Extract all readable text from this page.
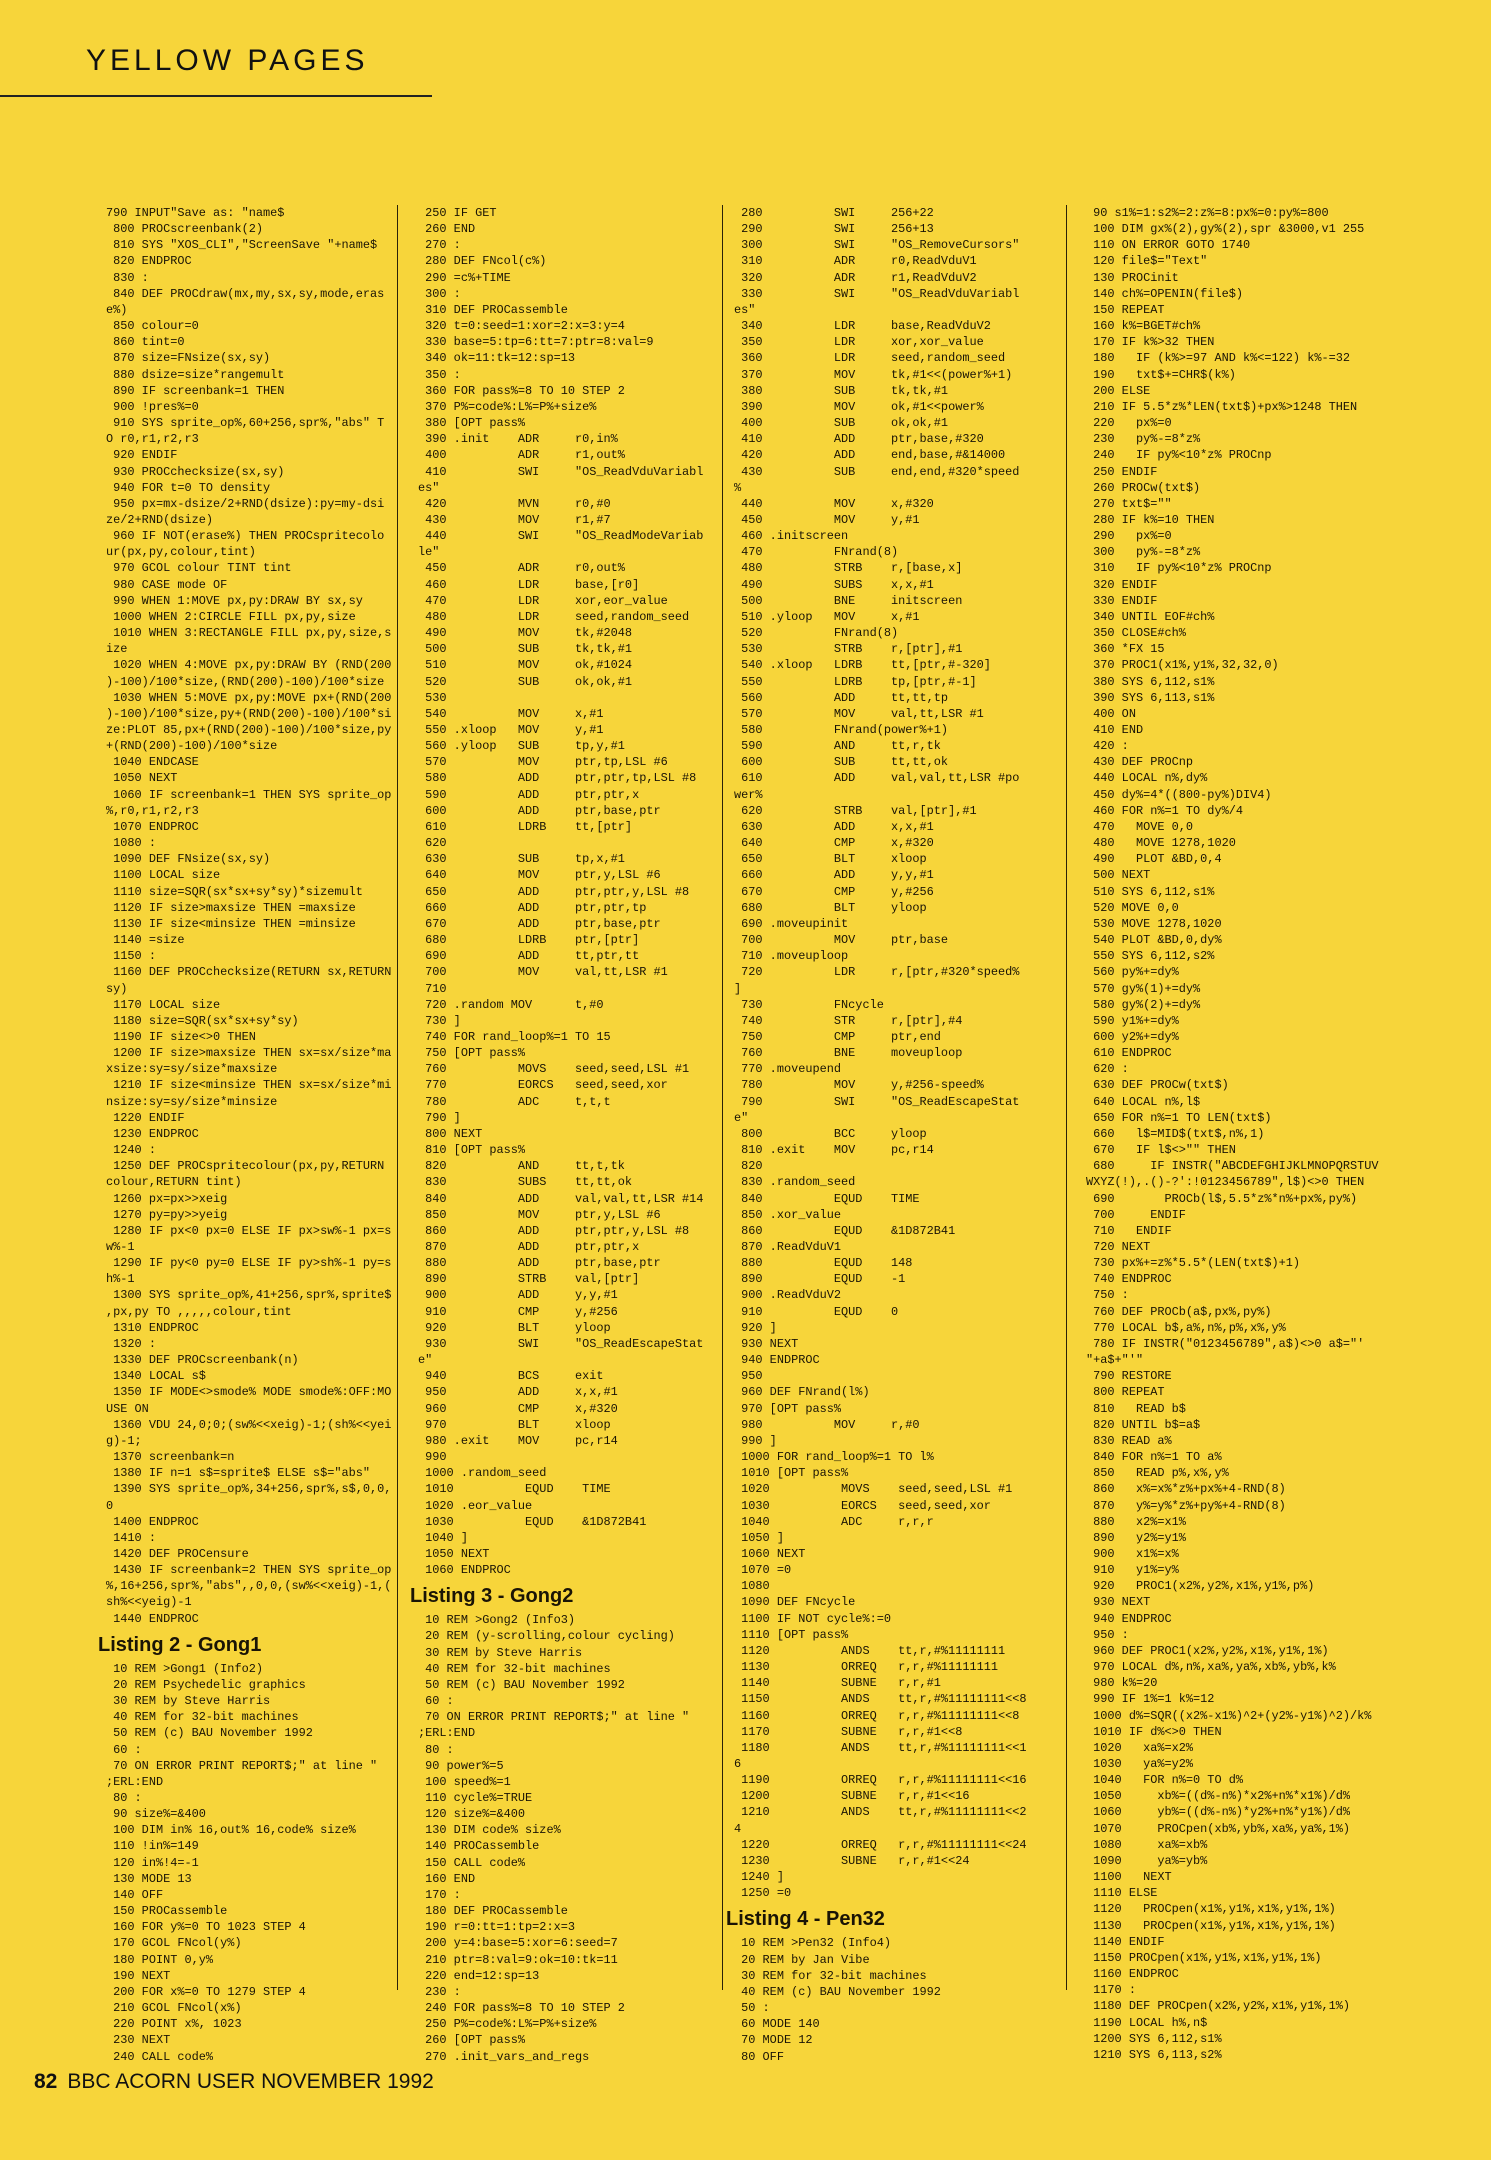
YELLOW PAGES
790 INPUT"Save as: "name$
800 PROCscreenbank(2)
810 SYS "XOS_CLI","ScreenSave "+name$
820 ENDPROC
830 :
840 DEF PROCdraw(mx,my,sx,sy,mode,eras
e%)
850 colour=0
860 tint=0
870 size=FNsize(sx,sy)
880 dsize=size*rangemult
890 IF screenbank=1 THEN
900 !pres%=0
910 SYS sprite_op%,60+256,spr%,"abs" T
O r0,r1,r2,r3
920 ENDIF
930 PROCchecksize(sx,sy)
940 FOR t=0 TO density
950 px=mx-dsize/2+RND(dsize):py=my-dsi
ze/2+RND(dsize)
960 IF NOT(erase%) THEN PROCspritecolo
ur(px,py,colour,tint)
970 GCOL colour TINT tint
980 CASE mode OF
990 WHEN 1:MOVE px,py:DRAW BY sx,sy
1000 WHEN 2:CIRCLE FILL px,py,size
1010 WHEN 3:RECTANGLE FILL px,py,size,s
ize
1020 WHEN 4:MOVE px,py:DRAW BY (RND(200
)-100)/100*size,(RND(200)-100)/100*size
1030 WHEN 5:MOVE px,py:MOVE px+(RND(200
)-100)/100*size,py+(RND(200)-100)/100*si
ze:PLOT 85,px+(RND(200)-100)/100*size,py
+(RND(200)-100)/100*size
1040 ENDCASE
1050 NEXT
1060 IF screenbank=1 THEN SYS sprite_op
%,r0,r1,r2,r3
1070 ENDPROC
1080 :
1090 DEF FNsize(sx,sy)
1100 LOCAL size
1110 size=SQR(sx*sx+sy*sy)*sizemult
1120 IF size>maxsize THEN =maxsize
1130 IF size<minsize THEN =minsize
1140 =size
1150 :
1160 DEF PROCchecksize(RETURN sx,RETURN
sy)
1170 LOCAL size
1180 size=SQR(sx*sx+sy*sy)
1190 IF size<>0 THEN
1200 IF size>maxsize THEN sx=sx/size*ma
xsize:sy=sy/size*maxsize
1210 IF size<minsize THEN sx=sx/size*mi
nsize:sy=sy/size*minsize
1220 ENDIF
1230 ENDPROC
1240 :
1250 DEF PROCspritecolour(px,py,RETURN
colour,RETURN tint)
1260 px=px>>xeig
1270 py=py>>yeig
1280 IF px<0 px=0 ELSE IF px>sw%-1 px=s
w%-1
1290 IF py<0 py=0 ELSE IF py>sh%-1 py=s
h%-1
1300 SYS sprite_op%,41+256,spr%,sprite$
,px,py TO ,,,,,colour,tint
1310 ENDPROC
1320 :
1330 DEF PROCscreenbank(n)
1340 LOCAL s$
1350 IF MODE<>smode% MODE smode%:OFF:MO
USE ON
1360 VDU 24,0;0;(sw%<<xeig)-1;(sh%<<yei
g)-1;
1370 screenbank=n
1380 IF n=1 s$=sprite$ ELSE s$="abs"
1390 SYS sprite_op%,34+256,spr%,s$,0,0,
0
1400 ENDPROC
1410 :
1420 DEF PROCensure
1430 IF screenbank=2 THEN SYS sprite_op
%,16+256,spr%,"abs",,0,0,(sw%<<xeig)-1,(
sh%<<yeig)-1
1440 ENDPROC
Listing 2 - Gong1
10 REM >Gong1 (Info2)
20 REM Psychedelic graphics
30 REM by Steve Harris
40 REM for 32-bit machines
50 REM (c) BAU November 1992
60 :
70 ON ERROR PRINT REPORT$;" at line "
;ERL:END
80 :
90 size%=&400
100 DIM in% 16,out% 16,code% size%
110 !in%=149
120 in%!4=-1
130 MODE 13
140 OFF
150 PROCassemble
160 FOR y%=0 TO 1023 STEP 4
170 GCOL FNcol(y%)
180 POINT 0,y%
190 NEXT
200 FOR x%=0 TO 1279 STEP 4
210 GCOL FNcol(x%)
220 POINT x%, 1023
230 NEXT
240 CALL code%
250 IF GET
260 END
270 :
280 DEF FNcol(c%)
290 =c%+TIME
300 :
310 DEF PROCassemble
320 t=0:seed=1:xor=2:x=3:y=4
330 base=5:tp=6:tt=7:ptr=8:val=9
340 ok=11:tk=12:sp=13
350 :
360 FOR pass%=8 TO 10 STEP 2
370 P%=code%:L%=P%+size%
380 [OPT pass%
390 .init    ADR     r0,in%
400          ADR     r1,out%
410          SWI     "OS_ReadVduVariabl
es"
420          MVN     r0,#0
430          MOV     r1,#7
440          SWI     "OS_ReadModeVariab
le"
450          ADR     r0,out%
460          LDR     base,[r0]
470          LDR     xor,eor_value
480          LDR     seed,random_seed
490          MOV     tk,#2048
500          SUB     tk,tk,#1
510          MOV     ok,#1024
520          SUB     ok,ok,#1
530
540          MOV     x,#1
550 .xloop   MOV     y,#1
560 .yloop   SUB     tp,y,#1
570          MOV     ptr,tp,LSL #6
580          ADD     ptr,ptr,tp,LSL #8
590          ADD     ptr,ptr,x
600          ADD     ptr,base,ptr
610          LDRB    tt,[ptr]
620
630          SUB     tp,x,#1
640          MOV     ptr,y,LSL #6
650          ADD     ptr,ptr,y,LSL #8
660          ADD     ptr,ptr,tp
670          ADD     ptr,base,ptr
680          LDRB    ptr,[ptr]
690          ADD     tt,ptr,tt
700          MOV     val,tt,LSR #1
710
720 .random MOV      t,#0
730 ]
740 FOR rand_loop%=1 TO 15
750 [OPT pass%
760          MOVS    seed,seed,LSL #1
770          EORCS   seed,seed,xor
780          ADC     t,t,t
790 ]
800 NEXT
810 [OPT pass%
820          AND     tt,t,tk
830          SUBS    tt,tt,ok
840          ADD     val,val,tt,LSR #14
850          MOV     ptr,y,LSL #6
860          ADD     ptr,ptr,y,LSL #8
870          ADD     ptr,ptr,x
880          ADD     ptr,base,ptr
890          STRB    val,[ptr]
900          ADD     y,y,#1
910          CMP     y,#256
920          BLT     yloop
930          SWI     "OS_ReadEscapeStat
e"
940          BCS     exit
950          ADD     x,x,#1
960          CMP     x,#320
970          BLT     xloop
980 .exit    MOV     pc,r14
990
1000 .random_seed
1010          EQUD    TIME
1020 .eor_value
1030          EQUD    &1D872B41
1040 ]
1050 NEXT
1060 ENDPROC
Listing 3 - Gong2
10 REM >Gong2 (Info3)
20 REM (y-scrolling,colour cycling)
30 REM by Steve Harris
40 REM for 32-bit machines
50 REM (c) BAU November 1992
60 :
70 ON ERROR PRINT REPORT$;" at line "
;ERL:END
80 :
90 power%=5
100 speed%=1
110 cycle%=TRUE
120 size%=&400
130 DIM code% size%
140 PROCassemble
150 CALL code%
160 END
170 :
180 DEF PROCassemble
190 r=0:tt=1:tp=2:x=3
200 y=4:base=5:xor=6:seed=7
210 ptr=8:val=9:ok=10:tk=11
220 end=12:sp=13
230 :
240 FOR pass%=8 TO 10 STEP 2
250 P%=code%:L%=P%+size%
260 [OPT pass%
270 .init_vars_and_regs
280          SWI     256+22
290          SWI     256+13
300          SWI     "OS_RemoveCursors"
310          ADR     r0,ReadVduV1
320          ADR     r1,ReadVduV2
330          SWI     "OS_ReadVduVariabl
es"
340          LDR     base,ReadVduV2
350          LDR     xor,xor_value
360          LDR     seed,random_seed
370          MOV     tk,#1<<(power%+1)
380          SUB     tk,tk,#1
390          MOV     ok,#1<<power%
400          SUB     ok,ok,#1
410          ADD     ptr,base,#320
420          ADD     end,base,#&14000
430          SUB     end,end,#320*speed
%
440          MOV     x,#320
450          MOV     y,#1
460 .initscreen
470          FNrand(8)
480          STRB    r,[base,x]
490          SUBS    x,x,#1
500          BNE     initscreen
510 .yloop   MOV     x,#1
520          FNrand(8)
530          STRB    r,[ptr],#1
540 .xloop   LDRB    tt,[ptr,#-320]
550          LDRB    tp,[ptr,#-1]
560          ADD     tt,tt,tp
570          MOV     val,tt,LSR #1
580          FNrand(power%+1)
590          AND     tt,r,tk
600          SUB     tt,tt,ok
610          ADD     val,val,tt,LSR #po
wer%
620          STRB    val,[ptr],#1
630          ADD     x,x,#1
640          CMP     x,#320
650          BLT     xloop
660          ADD     y,y,#1
670          CMP     y,#256
680          BLT     yloop
690 .moveupinit
700          MOV     ptr,base
710 .moveuploop
720          LDR     r,[ptr,#320*speed%
]
730          FNcycle
740          STR     r,[ptr],#4
750          CMP     ptr,end
760          BNE     moveuploop
770 .moveupend
780          MOV     y,#256-speed%
790          SWI     "OS_ReadEscapeStat
e"
800          BCC     yloop
810 .exit    MOV     pc,r14
820
830 .random_seed
840          EQUD    TIME
850 .xor_value
860          EQUD    &1D872B41
870 .ReadVduV1
880          EQUD    148
890          EQUD    -1
900 .ReadVduV2
910          EQUD    0
920 ]
930 NEXT
940 ENDPROC
950
960 DEF FNrand(l%)
970 [OPT pass%
980          MOV     r,#0
990 ]
1000 FOR rand_loop%=1 TO l%
1010 [OPT pass%
1020          MOVS    seed,seed,LSL #1
1030          EORCS   seed,seed,xor
1040          ADC     r,r,r
1050 ]
1060 NEXT
1070 =0
1080
1090 DEF FNcycle
1100 IF NOT cycle%:=0
1110 [OPT pass%
1120          ANDS    tt,r,#%11111111
1130          ORREQ   r,r,#%11111111
1140          SUBNE   r,r,#1
1150          ANDS    tt,r,#%11111111<<8
1160          ORREQ   r,r,#%11111111<<8
1170          SUBNE   r,r,#1<<8
1180          ANDS    tt,r,#%11111111<<1
6
1190          ORREQ   r,r,#%11111111<<16
1200          SUBNE   r,r,#1<<16
1210          ANDS    tt,r,#%11111111<<2
4
1220          ORREQ   r,r,#%11111111<<24
1230          SUBNE   r,r,#1<<24
1240 ]
1250 =0
Listing 4 - Pen32
10 REM >Pen32 (Info4)
20 REM by Jan Vibe
30 REM for 32-bit machines
40 REM (c) BAU November 1992
50 :
60 MODE 140
70 MODE 12
80 OFF
90 s1%=1:s2%=2:z%=8:px%=0:py%=800
100 DIM gx%(2),gy%(2),spr &3000,v1 255
110 ON ERROR GOTO 1740
120 file$="Text"
130 PROCinit
140 ch%=OPENIN(file$)
150 REPEAT
160 k%=BGET#ch%
170 IF k%>32 THEN
180   IF (k%>=97 AND k%<=122) k%-=32
190   txt$+=CHR$(k%)
200 ELSE
210 IF 5.5*z%*LEN(txt$)+px%>1248 THEN
220   px%=0
230   py%-=8*z%
240   IF py%<10*z% PROCnp
250 ENDIF
260 PROCw(txt$)
270 txt$=""
280 IF k%=10 THEN
290   px%=0
300   py%-=8*z%
310   IF py%<10*z% PROCnp
320 ENDIF
330 ENDIF
340 UNTIL EOF#ch%
350 CLOSE#ch%
360 *FX 15
370 PROC1(x1%,y1%,32,32,0)
380 SYS 6,112,s1%
390 SYS 6,113,s1%
400 ON
410 END
420 :
430 DEF PROCnp
440 LOCAL n%,dy%
450 dy%=4*((800-py%)DIV4)
460 FOR n%=1 TO dy%/4
470   MOVE 0,0
480   MOVE 1278,1020
490   PLOT &BD,0,4
500 NEXT
510 SYS 6,112,s1%
520 MOVE 0,0
530 MOVE 1278,1020
540 PLOT &BD,0,dy%
550 SYS 6,112,s2%
560 py%+=dy%
570 gy%(1)+=dy%
580 gy%(2)+=dy%
590 y1%+=dy%
600 y2%+=dy%
610 ENDPROC
620 :
630 DEF PROCw(txt$)
640 LOCAL n%,l$
650 FOR n%=1 TO LEN(txt$)
660   l$=MID$(txt$,n%,1)
670   IF l$<>"" THEN
680     IF INSTR("ABCDEFGHIJKLMNOPQRSTUV
WXYZ(!),.()-?':!0123456789",l$)<>0 THEN
690       PROCb(l$,5.5*z%*n%+px%,py%)
700     ENDIF
710   ENDIF
720 NEXT
730 px%+=z%*5.5*(LEN(txt$)+1)
740 ENDPROC
750 :
760 DEF PROCb(a$,px%,py%)
770 LOCAL b$,a%,n%,p%,x%,y%
780 IF INSTR("0123456789",a$)<>0 a$="'
"+a$+"'"
790 RESTORE
800 REPEAT
810   READ b$
820 UNTIL b$=a$
830 READ a%
840 FOR n%=1 TO a%
850   READ p%,x%,y%
860   x%=x%*z%+px%+4-RND(8)
870   y%=y%*z%+py%+4-RND(8)
880   x2%=x1%
890   y2%=y1%
900   x1%=x%
910   y1%=y%
920   PROC1(x2%,y2%,x1%,y1%,p%)
930 NEXT
940 ENDPROC
950 :
960 DEF PROC1(x2%,y2%,x1%,y1%,1%)
970 LOCAL d%,n%,xa%,ya%,xb%,yb%,k%
980 k%=20
990 IF 1%=1 k%=12
1000 d%=SQR((x2%-x1%)^2+(y2%-y1%)^2)/k%
1010 IF d%<>0 THEN
1020   xa%=x2%
1030   ya%=y2%
1040   FOR n%=0 TO d%
1050     xb%=((d%-n%)*x2%+n%*x1%)/d%
1060     yb%=((d%-n%)*y2%+n%*y1%)/d%
1070     PROCpen(xb%,yb%,xa%,ya%,1%)
1080     xa%=xb%
1090     ya%=yb%
1100   NEXT
1110 ELSE
1120   PROCpen(x1%,y1%,x1%,y1%,1%)
1130   PROCpen(x1%,y1%,x1%,y1%,1%)
1140 ENDIF
1150 PROCpen(x1%,y1%,x1%,y1%,1%)
1160 ENDPROC
1170 :
1180 DEF PROCpen(x2%,y2%,x1%,y1%,1%)
1190 LOCAL h%,n$
1200 SYS 6,112,s1%
1210 SYS 6,113,s2%
82 BBC ACORN USER NOVEMBER 1992
